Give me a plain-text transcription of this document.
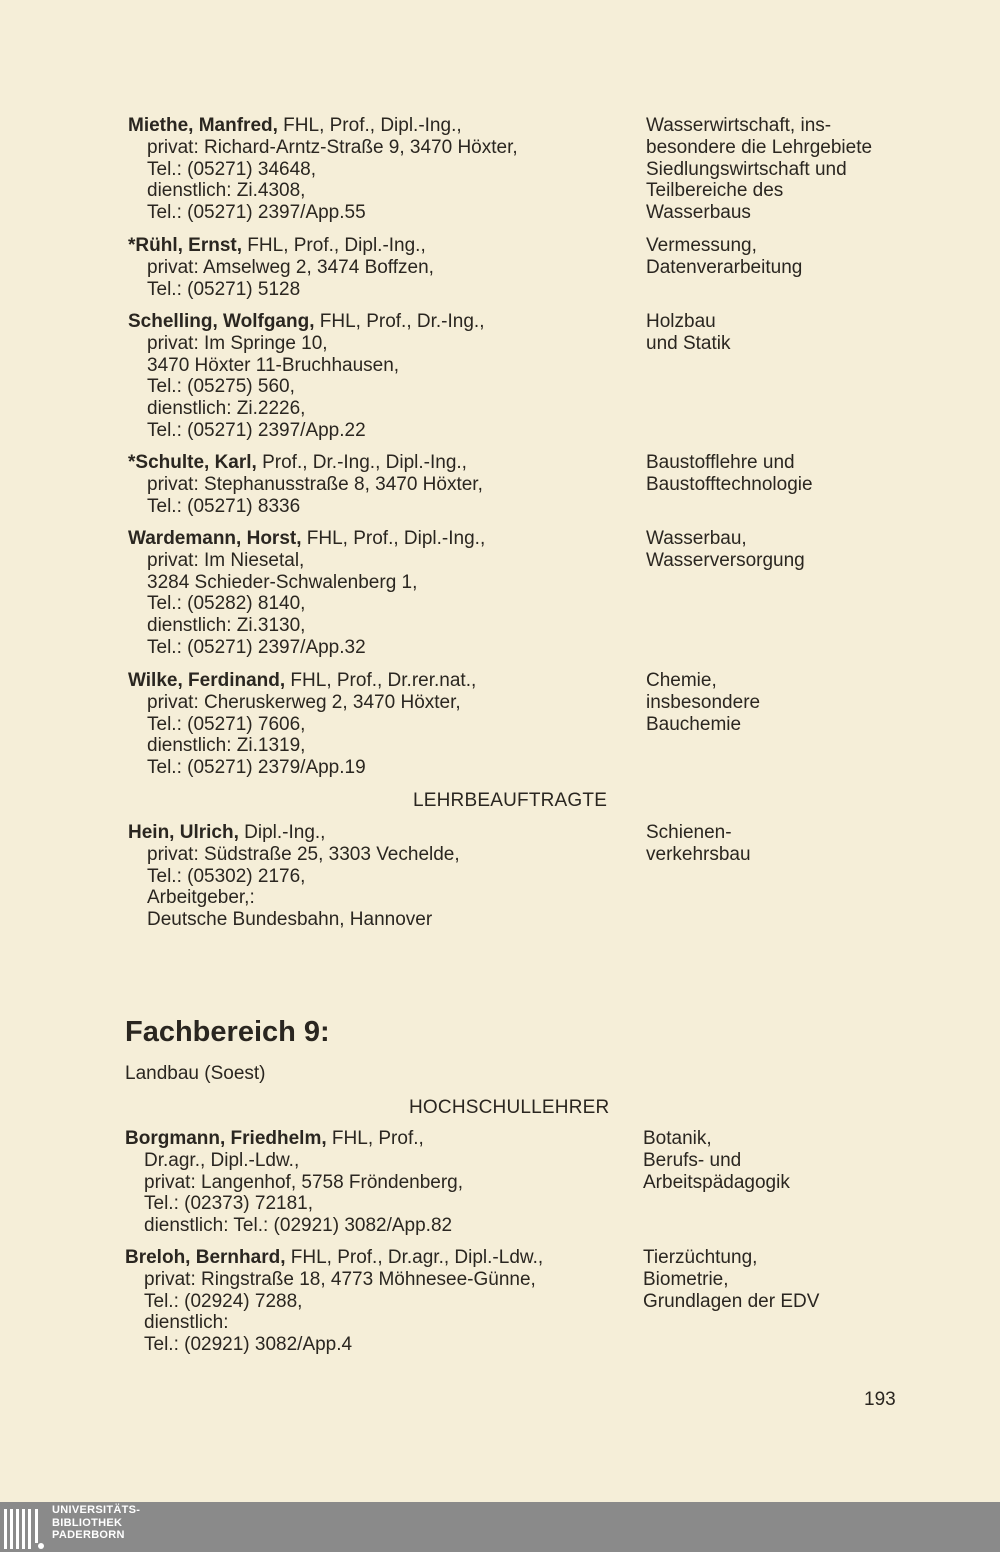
Miethe, Manfred, FHL, Prof., Dipl.-Ing.,
privat: Richard-Arntz-Straße 9, 3470 Höxter,
Tel.: (05271) 34648,
dienstlich: Zi.4308,
Tel.: (05271) 2397/App.55
Wasserwirtschaft, ins-
besondere die Lehrgebiete
Siedlungswirtschaft und
Teilbereiche des
Wasserbaus
*Rühl, Ernst, FHL, Prof., Dipl.-Ing.,
privat: Amselweg 2, 3474 Boffzen,
Tel.: (05271) 5128
Vermessung,
Datenverarbeitung
Schelling, Wolfgang, FHL, Prof., Dr.-Ing.,
privat: Im Springe 10,
3470 Höxter 11-Bruchhausen,
Tel.: (05275) 560,
dienstlich: Zi.2226,
Tel.: (05271) 2397/App.22
Holzbau
und Statik
*Schulte, Karl, Prof., Dr.-Ing., Dipl.-Ing.,
privat: Stephanusstraße 8, 3470 Höxter,
Tel.: (05271) 8336
Baustofflehre und
Baustofftechnologie
Wardemann, Horst, FHL, Prof., Dipl.-Ing.,
privat: Im Niesetal,
3284 Schieder-Schwalenberg 1,
Tel.: (05282) 8140,
dienstlich: Zi.3130,
Tel.: (05271) 2397/App.32
Wasserbau,
Wasserversorgung
Wilke, Ferdinand, FHL, Prof., Dr.rer.nat.,
privat: Cheruskerweg 2, 3470 Höxter,
Tel.: (05271) 7606,
dienstlich: Zi.1319,
Tel.: (05271) 2379/App.19
Chemie,
insbesondere
Bauchemie
LEHRBEAUFTRAGTE
Hein, Ulrich, Dipl.-Ing.,
privat: Südstraße 25, 3303 Vechelde,
Tel.: (05302) 2176,
Arbeitgeber,:
Deutsche Bundesbahn, Hannover
Schienen-
verkehrsbau
Fachbereich 9:
Landbau (Soest)
HOCHSCHULLEHRER
Borgmann, Friedhelm, FHL, Prof.,
Dr.agr., Dipl.-Ldw.,
privat: Langenhof, 5758 Fröndenberg,
Tel.: (02373) 72181,
dienstlich: Tel.: (02921) 3082/App.82
Botanik,
Berufs- und
Arbeitspädagogik
Breloh, Bernhard, FHL, Prof., Dr.agr., Dipl.-Ldw.,
privat: Ringstraße 18, 4773 Möhnesee-Günne,
Tel.: (02924) 7288,
dienstlich:
Tel.: (02921) 3082/App.4
Tierzüchtung,
Biometrie,
Grundlagen der EDV
193
UNIVERSITÄTS-
BIBLIOTHEK
PADERBORN
